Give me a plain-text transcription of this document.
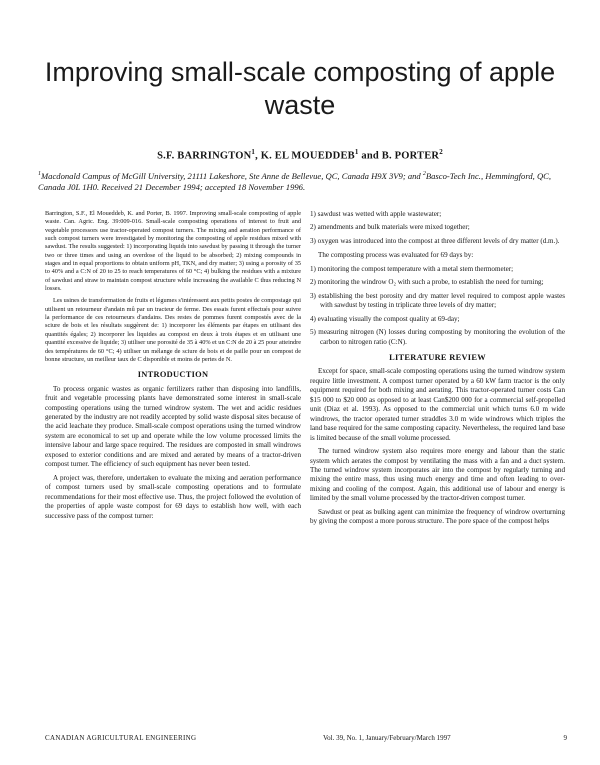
Improving small-scale composting of apple waste
S.F. BARRINGTON$^1$, K. EL MOUEDDEB$^1$ and B. PORTER$^2$
$^1$Macdonald Campus of McGill University, 21111 Lakeshore, Ste Anne de Bellevue, QC, Canada H9X 3V9; and $^2$Basco-Tech Inc., Hemmingford, QC, Canada J0L 1H0. Received 21 December 1994; accepted 18 November 1996.

Barrington, S.F., El Moueddeb, K. and Porter, B. 1997. Improving small-scale composting of apple waste. Can. Agric. Eng. 39:009-016. Small-scale composting operations of interest to fruit and vegetable processors use tractor-operated compost turners. The mixing and aeration performance of such compost turners were investigated by monitoring the composting of apple residues mixed with sawdust. The results suggested: 1) incorporating liquids into sawdust by passing it through the turner two or three times and using an overdose of the liquid to be absorbed; 2) mixing compounds in stages and in equal proportions to obtain uniform pH, TKN, and dry matter; 3) using a porosity of 35 to 40% and a C:N of 20 to 25 to reach temperatures of 60 °C; 4) bulking the residues with a mixture of sawdust and straw to maintain compost structure while increasing the available C thus reducing N losses.

Les usines de transformation de fruits et légumes s'intéressent aux petits postes de compostage qui utilisent un retourneur d'andain mû par un tracteur de ferme. Des essais furent effectués pour suivre la performance de ces retourneurs d'andains. Des restes de pommes furent compostés avec de la sciure de bois et les résultats suggèrent de: 1) incorporer les éléments par étapes en utilisant des quantités égales; 2) incorporer les liquides au compost en deux à trois étapes et en utilisant une quantité excessive de liquide; 3) utiliser une porosité de 35 à 40% et un C:N de 20 à 25 pour atteindre des températures de 60 °C; 4) utiliser un mélange de sciure de bois et de paille pour un compost de bonne structure, un meilleur taux de C disponible et moins de pertes de N.

INTRODUCTION

To process organic wastes as organic fertilizers rather than disposing into landfills, fruit and vegetable processing plants have demonstrated some interest in small-scale composting operations using the turned windrow system. The wet and acidic residues generated by the industry are not readily accepted by solid waste disposal sites because of the acid leachate they produce. Small-scale compost operations using the turned windrow system are economical to set up and operate while the low volume processed limits the intensive labour and large space required. The residues are composted in small windrows exposed to exterior conditions and are mixed and aerated by means of a tractor-driven compost turner. The efficiency of such equipment has never been tested.

A project was, therefore, undertaken to evaluate the mixing and aeration performance of compost turners used by small-scale composting operations and to formulate recommendations for their most effective use. Thus, the project followed the evolution of the properties of apple waste compost for 69 days to establish how well, with each successive pass of the compost turner:

1) sawdust was wetted with apple wastewater;
2) amendments and bulk materials were mixed together;
3) oxygen was introduced into the compost at three different levels of dry matter (d.m.).

The composting process was evaluated for 69 days by:

1) monitoring the compost temperature with a metal stem thermometer;
2) monitoring the windrow O₂ with such a probe, to establish the need for turning;
3) establishing the best porosity and dry matter level required to compost apple wastes with sawdust by testing in triplicate three levels of dry matter;
4) evaluating visually the compost quality at 69-day;
5) measuring nitrogen (N) losses during composting by monitoring the evolution of the carbon to nitrogen ratio (C:N).
LITERATURE REVIEW

Except for space, small-scale composting operations using the turned windrow system require little investment. A compost turner operated by a 60 kW farm tractor is the only equipment required for both mixing and aerating. This tractor-operated turner costs Can $15 000 to $20 000 as opposed to at least Can$200 000 for a commercial self-propelled unit (Diaz et al. 1993). As opposed to the commercial unit which turns 6.0 m wide windrows, the tractor operated turner straddles 3.0 m wide windrows which triples the land base required for the same composting capacity. Nevertheless, the required land base is limited because of the small volume processed.

The turned windrow system also requires more energy and labour than the static system which aerates the compost by ventilating the mass with a fan and a duct system. The turned windrow system incorporates air into the compost by regularly turning and mixing the entire mass, thus using much energy and time and often leading to over-mixing and cooling of the compost. Again, this additional use of labour and energy is limited by the small volume processed by the tractor-driven compost turner.

Sawdust or peat as bulking agent can minimize the frequency of windrow overturning by giving the compost a more porous structure. The pore space of the compost helps

CANADIAN AGRICULTURAL ENGINEERING	Vol. 39, No. 1, January/February/March 1997	9
